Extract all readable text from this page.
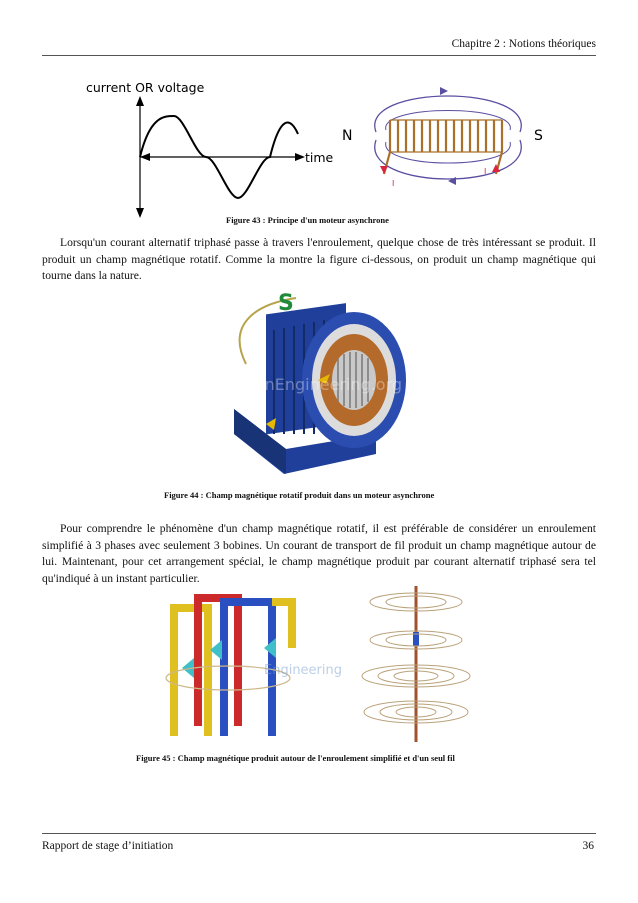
Chapitre 2 : Notions théoriques
current OR voltage
time
N	S
I
I
Figure 43 : Principe d'un moteur asynchrone

Lorsqu'un courant alternatif triphasé passe à travers l'enroulement, quelque chose de très intéressant se produit. Il produit un champ magnétique rotatif. Comme la montre la figure ci-dessous, on produit un champ magnétique qui tourne dans la nature.

S
LearnEngineering.org
Figure 44 : Champ magnétique rotatif produit dans un moteur asynchrone

Pour comprendre le phénomène d'un champ magnétique rotatif, il est préférable de considérer un enroulement simplifié à 3 phases avec seulement 3 bobines. Un courant de transport de fil produit un champ magnétique autour de lui. Maintenant, pour cet arrangement spécial, le champ magnétique produit par courant alternatif triphasé sera tel qu'indiqué à un instant particulier.

Engineering
Figure 45 : Champ magnétique produit autour de l'enroulement simplifié et d'un seul fil
Rapport de stage d’initiation	36
